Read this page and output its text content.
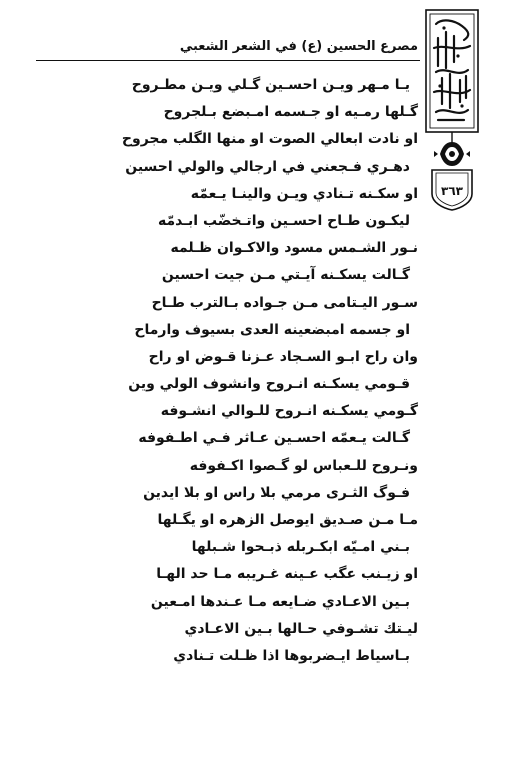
مصرع الحسين (ع) في الشعر الشعبي
٣٦٣
يـا مـهر ويـن احسـين گـلي ويـن مطـروح
گـلها رمـيه او جـسمه امـبضع بـلجروح
او نادت ابعالي الصوت او منها الگلب مجروح
دهـري فـجعني في ارجالي والولي احسين
او سكـنه تـنادي ويـن والينـا يـعمّه
ليكـون طـاح احسـين واتـخضّب ابـدمّه
نـور الشـمس مسود والاكـوان ظـلمه
گـالت يسكـنه آيـتي مـن جيت احسين
سـور اليـتامى مـن جـواده بـالترب طـاح
او جسمه امبضعينه العدى بسيوف وارماح
وان راح ابـو السـجاد عـزنا قـوض او راح
قـومي يسكـنه انـروح وانشوف الولي وين
گـومي يسكـنه انـروح للـوالي انشـوفه
گـالت يـعمّه احسـين عـاثر فـي اطـفوفه
ونـروح للـعباس لو گـصوا اكـفوفه
فـوگ الثـرى مرمي بلا راس او بلا ايدين
مـا مـن صـديق ايوصل الزهره او يگـلها
بـني امـيّه ابكـربله ذبـحوا شـبلها
او زيـنب عگب عـينه غـريبه مـا حد الهـا
بـين الاعـادي ضـايعه مـا عـندها امـعين
ليـتك تشـوفي حـالها بـين الاعـادي
بـاسياط ايـضربوها اذا ظـلت تـنادي
